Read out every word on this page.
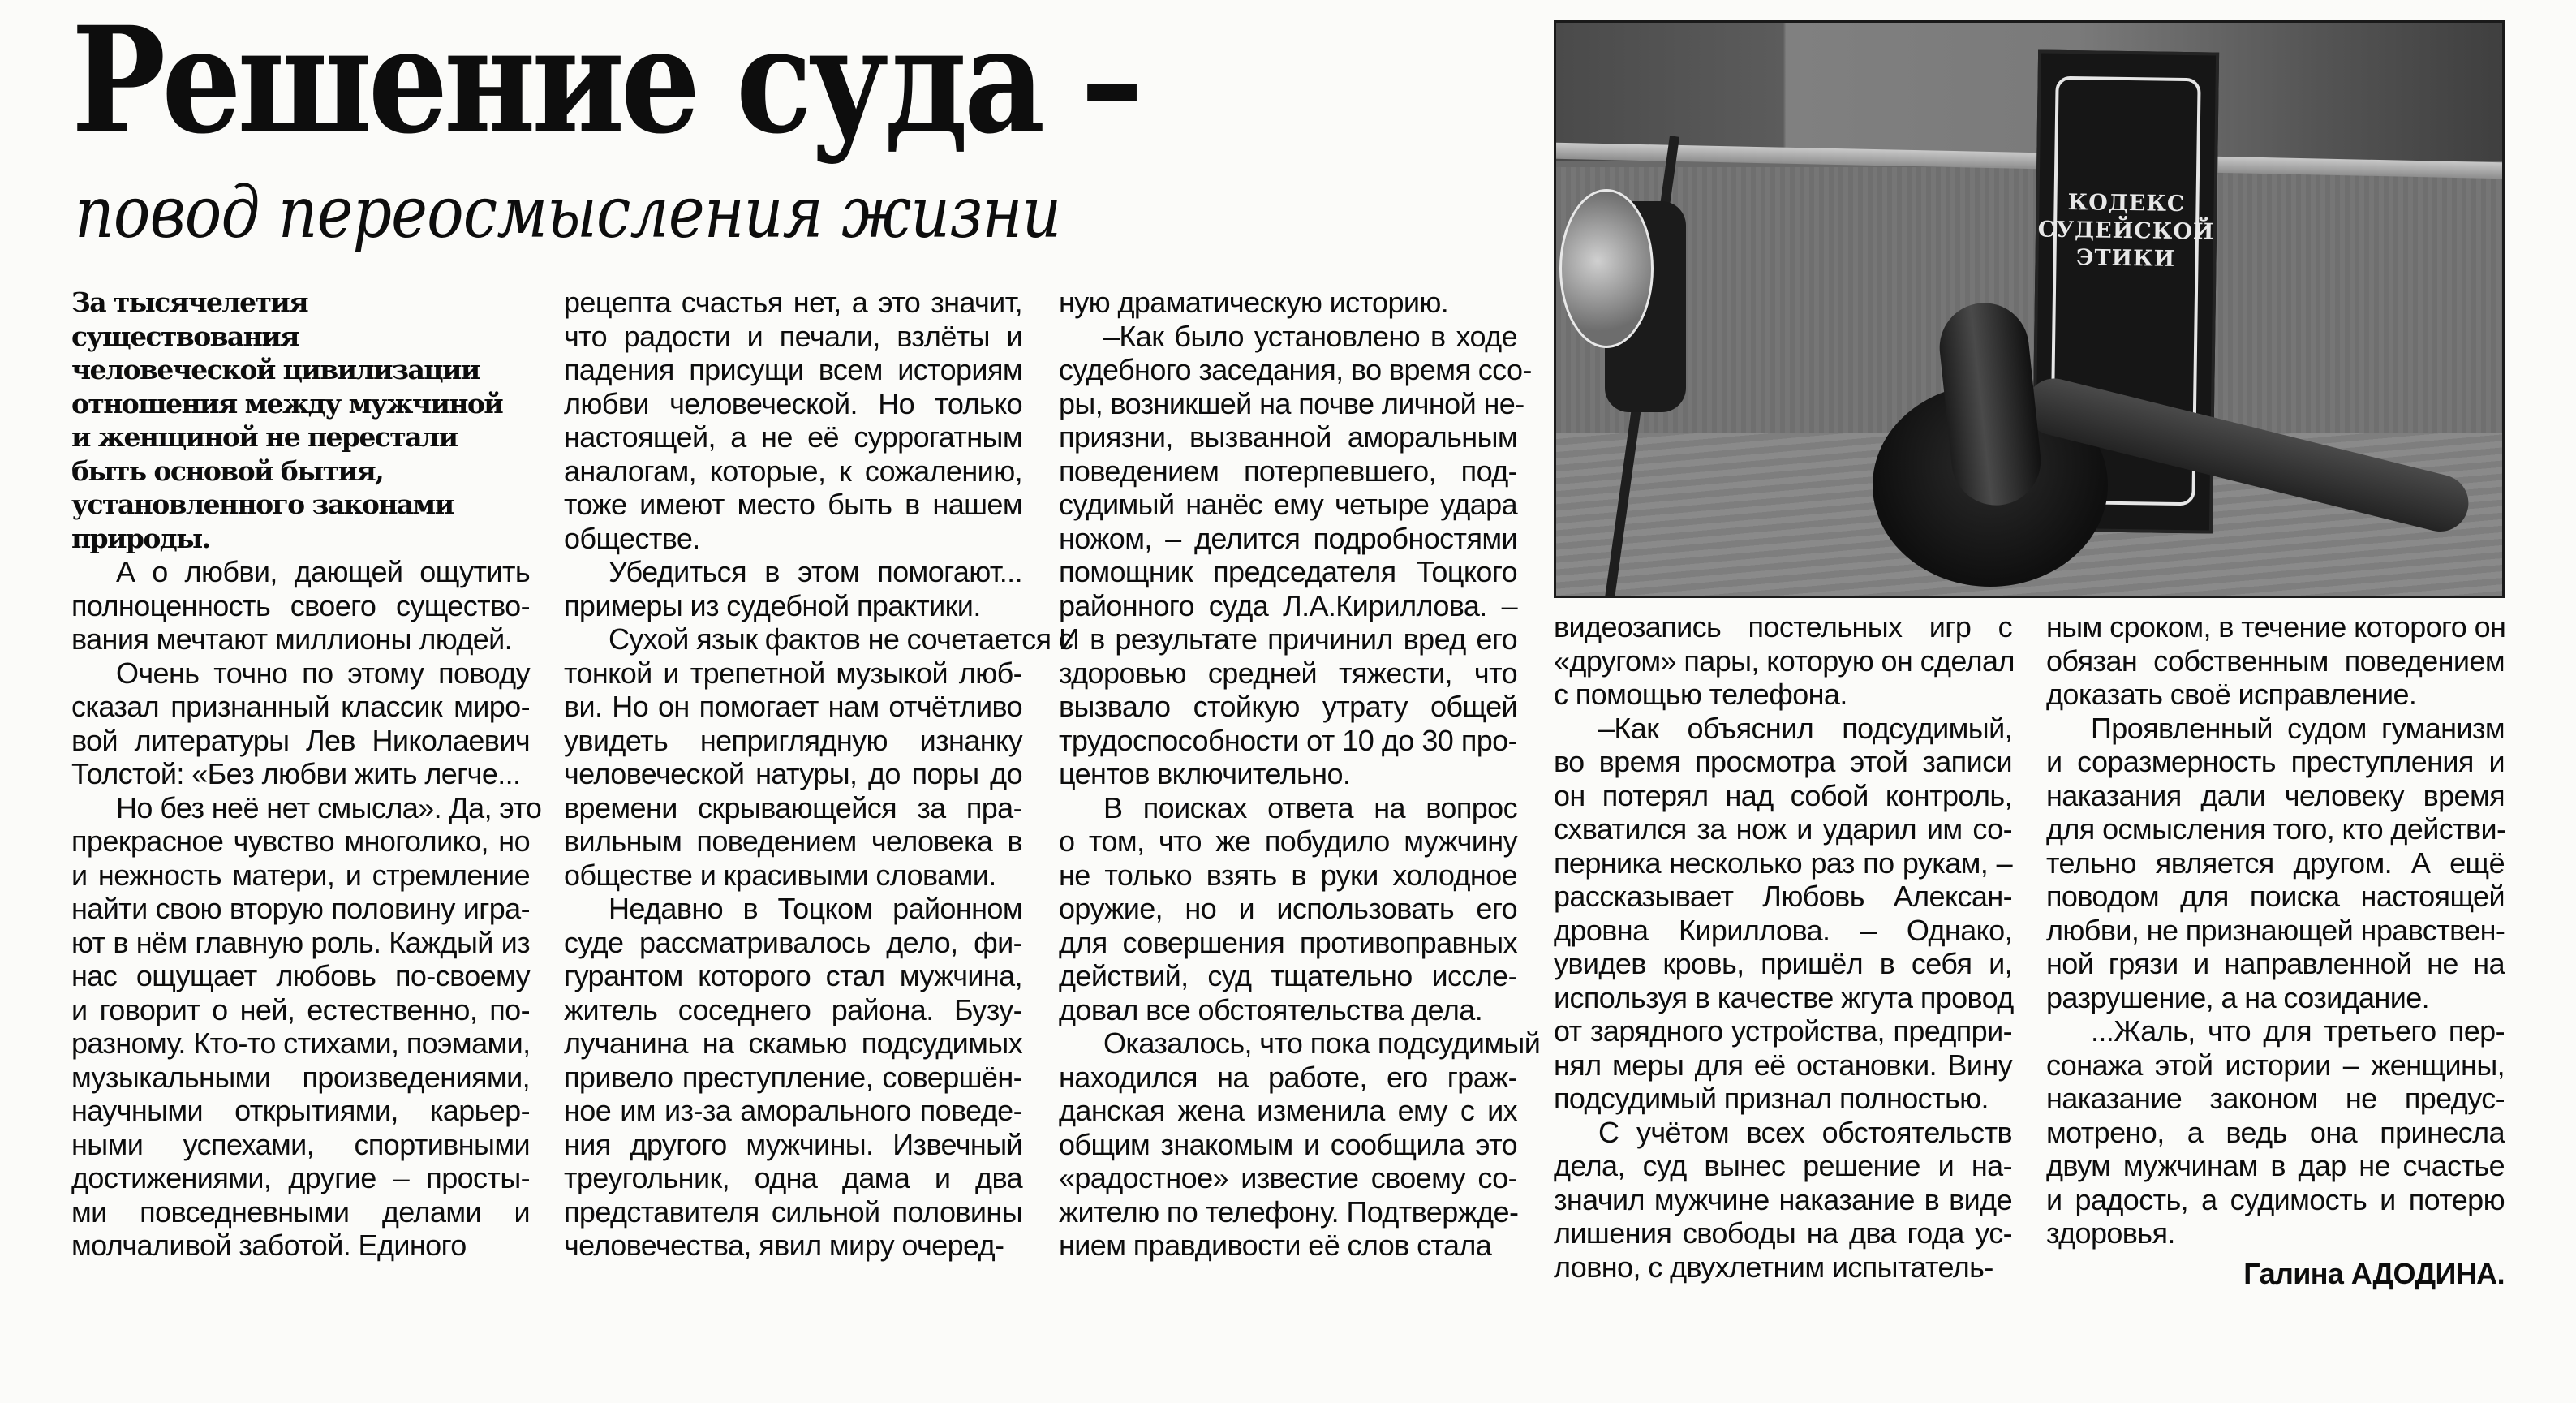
Решение суда –
повод переосмысления жизни	КОДЕКС
СУДЕЙСКОЙ
ЭТИКИ
За тысячелетия
существования
человеческой цивилизации
отношения между мужчиной
и женщиной не перестали
быть основой бытия,
установленного законами
природы.
А о любви, дающей ощутить
полноценность своего существо-
вания мечтают миллионы людей.
Очень точно по этому поводу
сказал признанный классик миро-
вой литературы Лев Николаевич
Толстой: «Без любви жить легче...
Но без неё нет смысла». Да, это
прекрасное чувство многолико, но
и нежность матери, и стремление
найти свою вторую половину игра-
ют в нём главную роль. Каждый из
нас ощущает любовь по-своему
и говорит о ней, естественно, по-
разному. Кто-то стихами, поэмами,
музыкальными произведениями,
научными открытиями, карьер-
ными успехами, спортивными
достижениями, другие – просты-
ми повседневными делами и
молчаливой заботой. Единого
рецепта счастья нет, а это значит,
что радости и печали, взлёты и
падения присущи всем историям
любви человеческой. Но только
настоящей, а не её суррогатным
аналогам, которые, к сожалению,
тоже имеют место быть в нашем
обществе.
Убедиться в этом помогают...
примеры из судебной практики.
Сухой язык фактов не сочетается с
тонкой и трепетной музыкой люб-
ви. Но он помогает нам отчётливо
увидеть неприглядную изнанку
человеческой натуры, до поры до
времени скрывающейся за пра-
вильным поведением человека в
обществе и красивыми словами.
Недавно в Тоцком районном
суде рассматривалось дело, фи-
гурантом которого стал мужчина,
житель соседнего района. Бузу-
лучанина на скамью подсудимых
привело преступление, совершён-
ное им из-за аморального поведе-
ния другого мужчины. Извечный
треугольник, одна дама и два
представителя сильной половины
человечества, явил миру очеред-
ную драматическую историю.
–Как было установлено в ходе
судебного заседания, во время ссо-
ры, возникшей на почве личной не-
приязни, вызванной аморальным
поведением потерпевшего, под-
судимый нанёс ему четыре удара
ножом, – делится подробностями
помощник председателя Тоцкого
районного суда Л.А.Кириллова. –
И в результате причинил вред его
здоровью средней тяжести, что
вызвало стойкую утрату общей
трудоспособности от 10 до 30 про-
центов включительно.
В поисках ответа на вопрос
о том, что же побудило мужчину
не только взять в руки холодное
оружие, но и использовать его
для совершения противоправных
действий, суд тщательно иссле-
довал все обстоятельства дела.
Оказалось, что пока подсудимый
находился на работе, его граж-
данская жена изменила ему с их
общим знакомым и сообщила это
«радостное» известие своему со-
жителю по телефону. Подтвержде-
нием правдивости её слов стала
видеозапись постельных игр с
«другом» пары, которую он сделал
с помощью телефона.
–Как объяснил подсудимый,
во время просмотра этой записи
он потерял над собой контроль,
схватился за нож и ударил им со-
перника несколько раз по рукам, –
рассказывает Любовь Алексан-
дровна Кириллова. – Однако,
увидев кровь, пришёл в себя и,
используя в качестве жгута провод
от зарядного устройства, предпри-
нял меры для её остановки. Вину
подсудимый признал полностью.
С учётом всех обстоятельств
дела, суд вынес решение и на-
значил мужчине наказание в виде
лишения свободы на два года ус-
ловно, с двухлетним испытатель-
ным сроком, в течение которого он
обязан собственным поведением
доказать своё исправление.
Проявленный судом гуманизм
и соразмерность преступления и
наказания дали человеку время
для осмысления того, кто действи-
тельно является другом. А ещё
поводом для поиска настоящей
любви, не признающей нравствен-
ной грязи и направленной не на
разрушение, а на созидание.
...Жаль, что для третьего пер-
сонажа этой истории – женщины,
наказание законом не предус-
мотрено, а ведь она принесла
двум мужчинам в дар не счастье
и радость, а судимость и потерю
здоровья.
Галина АДОДИНА.
